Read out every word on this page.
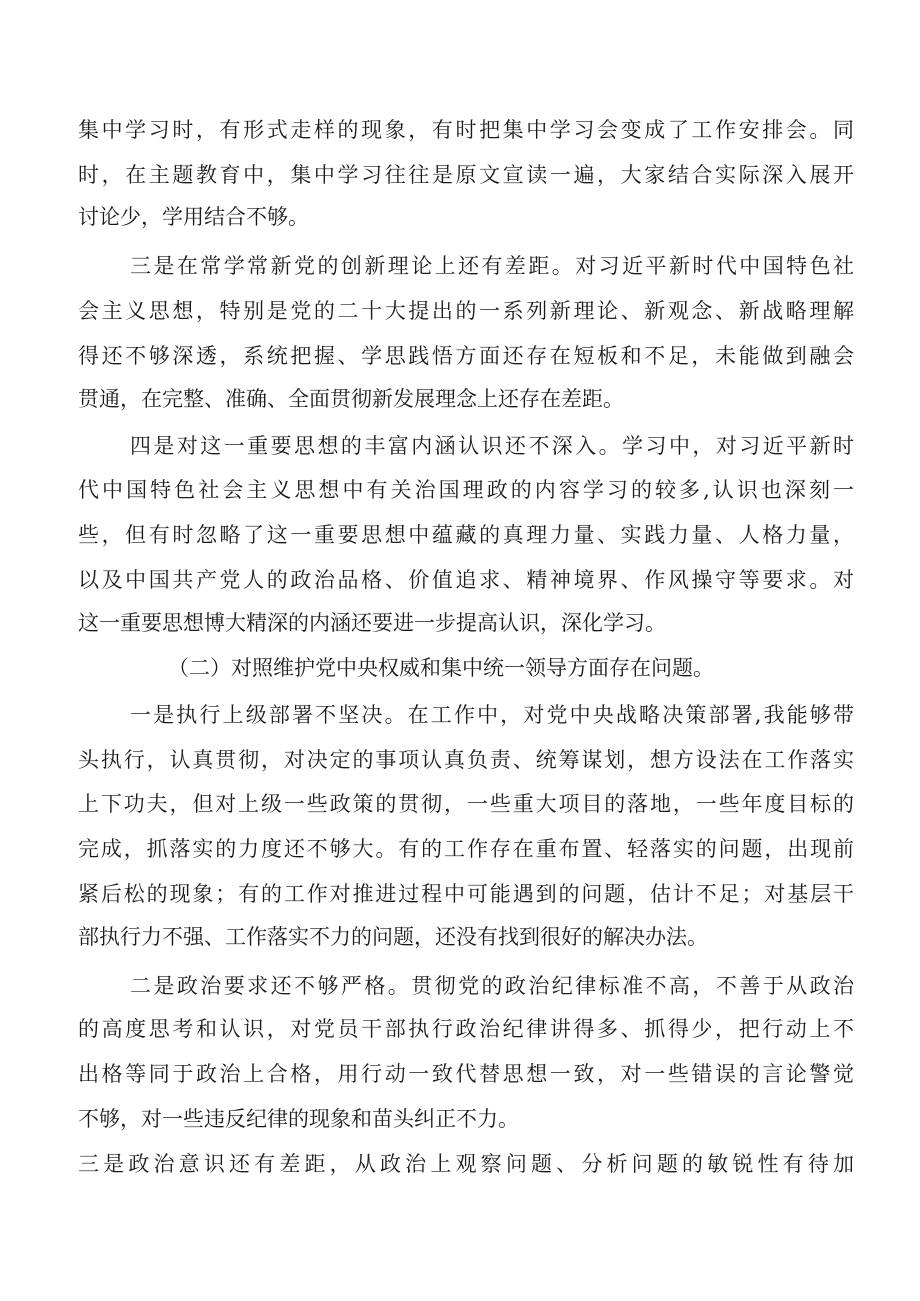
集中学习时，有形式走样的现象，有时把集中学习会变成了工作安排会。同
时，在主题教育中，集中学习往往是原文宣读一遍，大家结合实际深入展开
讨论少，学用结合不够。
三是在常学常新党的创新理论上还有差距。对习近平新时代中国特色社
会主义思想，特别是党的二十大提出的一系列新理论、新观念、新战略理解
得还不够深透，系统把握、学思践悟方面还存在短板和不足，未能做到融会
贯通，在完整、准确、全面贯彻新发展理念上还存在差距。
四是对这一重要思想的丰富内涵认识还不深入。学习中，对习近平新时
代中国特色社会主义思想中有关治国理政的内容学习的较多,认识也深刻一
些，但有时忽略了这一重要思想中蕴藏的真理力量、实践力量、人格力量，
以及中国共产党人的政治品格、价值追求、精神境界、作风操守等要求。对
这一重要思想博大精深的内涵还要进一步提高认识，深化学习。
（二）对照维护党中央权威和集中统一领导方面存在问题。
一是执行上级部署不坚决。在工作中，对党中央战略决策部署,我能够带
头执行，认真贯彻，对决定的事项认真负责、统筹谋划，想方设法在工作落实
上下功夫，但对上级一些政策的贯彻，一些重大项目的落地，一些年度目标的
完成，抓落实的力度还不够大。有的工作存在重布置、轻落实的问题，出现前
紧后松的现象；有的工作对推进过程中可能遇到的问题，估计不足；对基层干
部执行力不强、工作落实不力的问题，还没有找到很好的解决办法。
二是政治要求还不够严格。贯彻党的政治纪律标准不高，不善于从政治
的高度思考和认识，对党员干部执行政治纪律讲得多、抓得少，把行动上不
出格等同于政治上合格，用行动一致代替思想一致，对一些错误的言论警觉
不够，对一些违反纪律的现象和苗头纠正不力。
三是政治意识还有差距，从政治上观察问题、分析问题的敏锐性有待加
